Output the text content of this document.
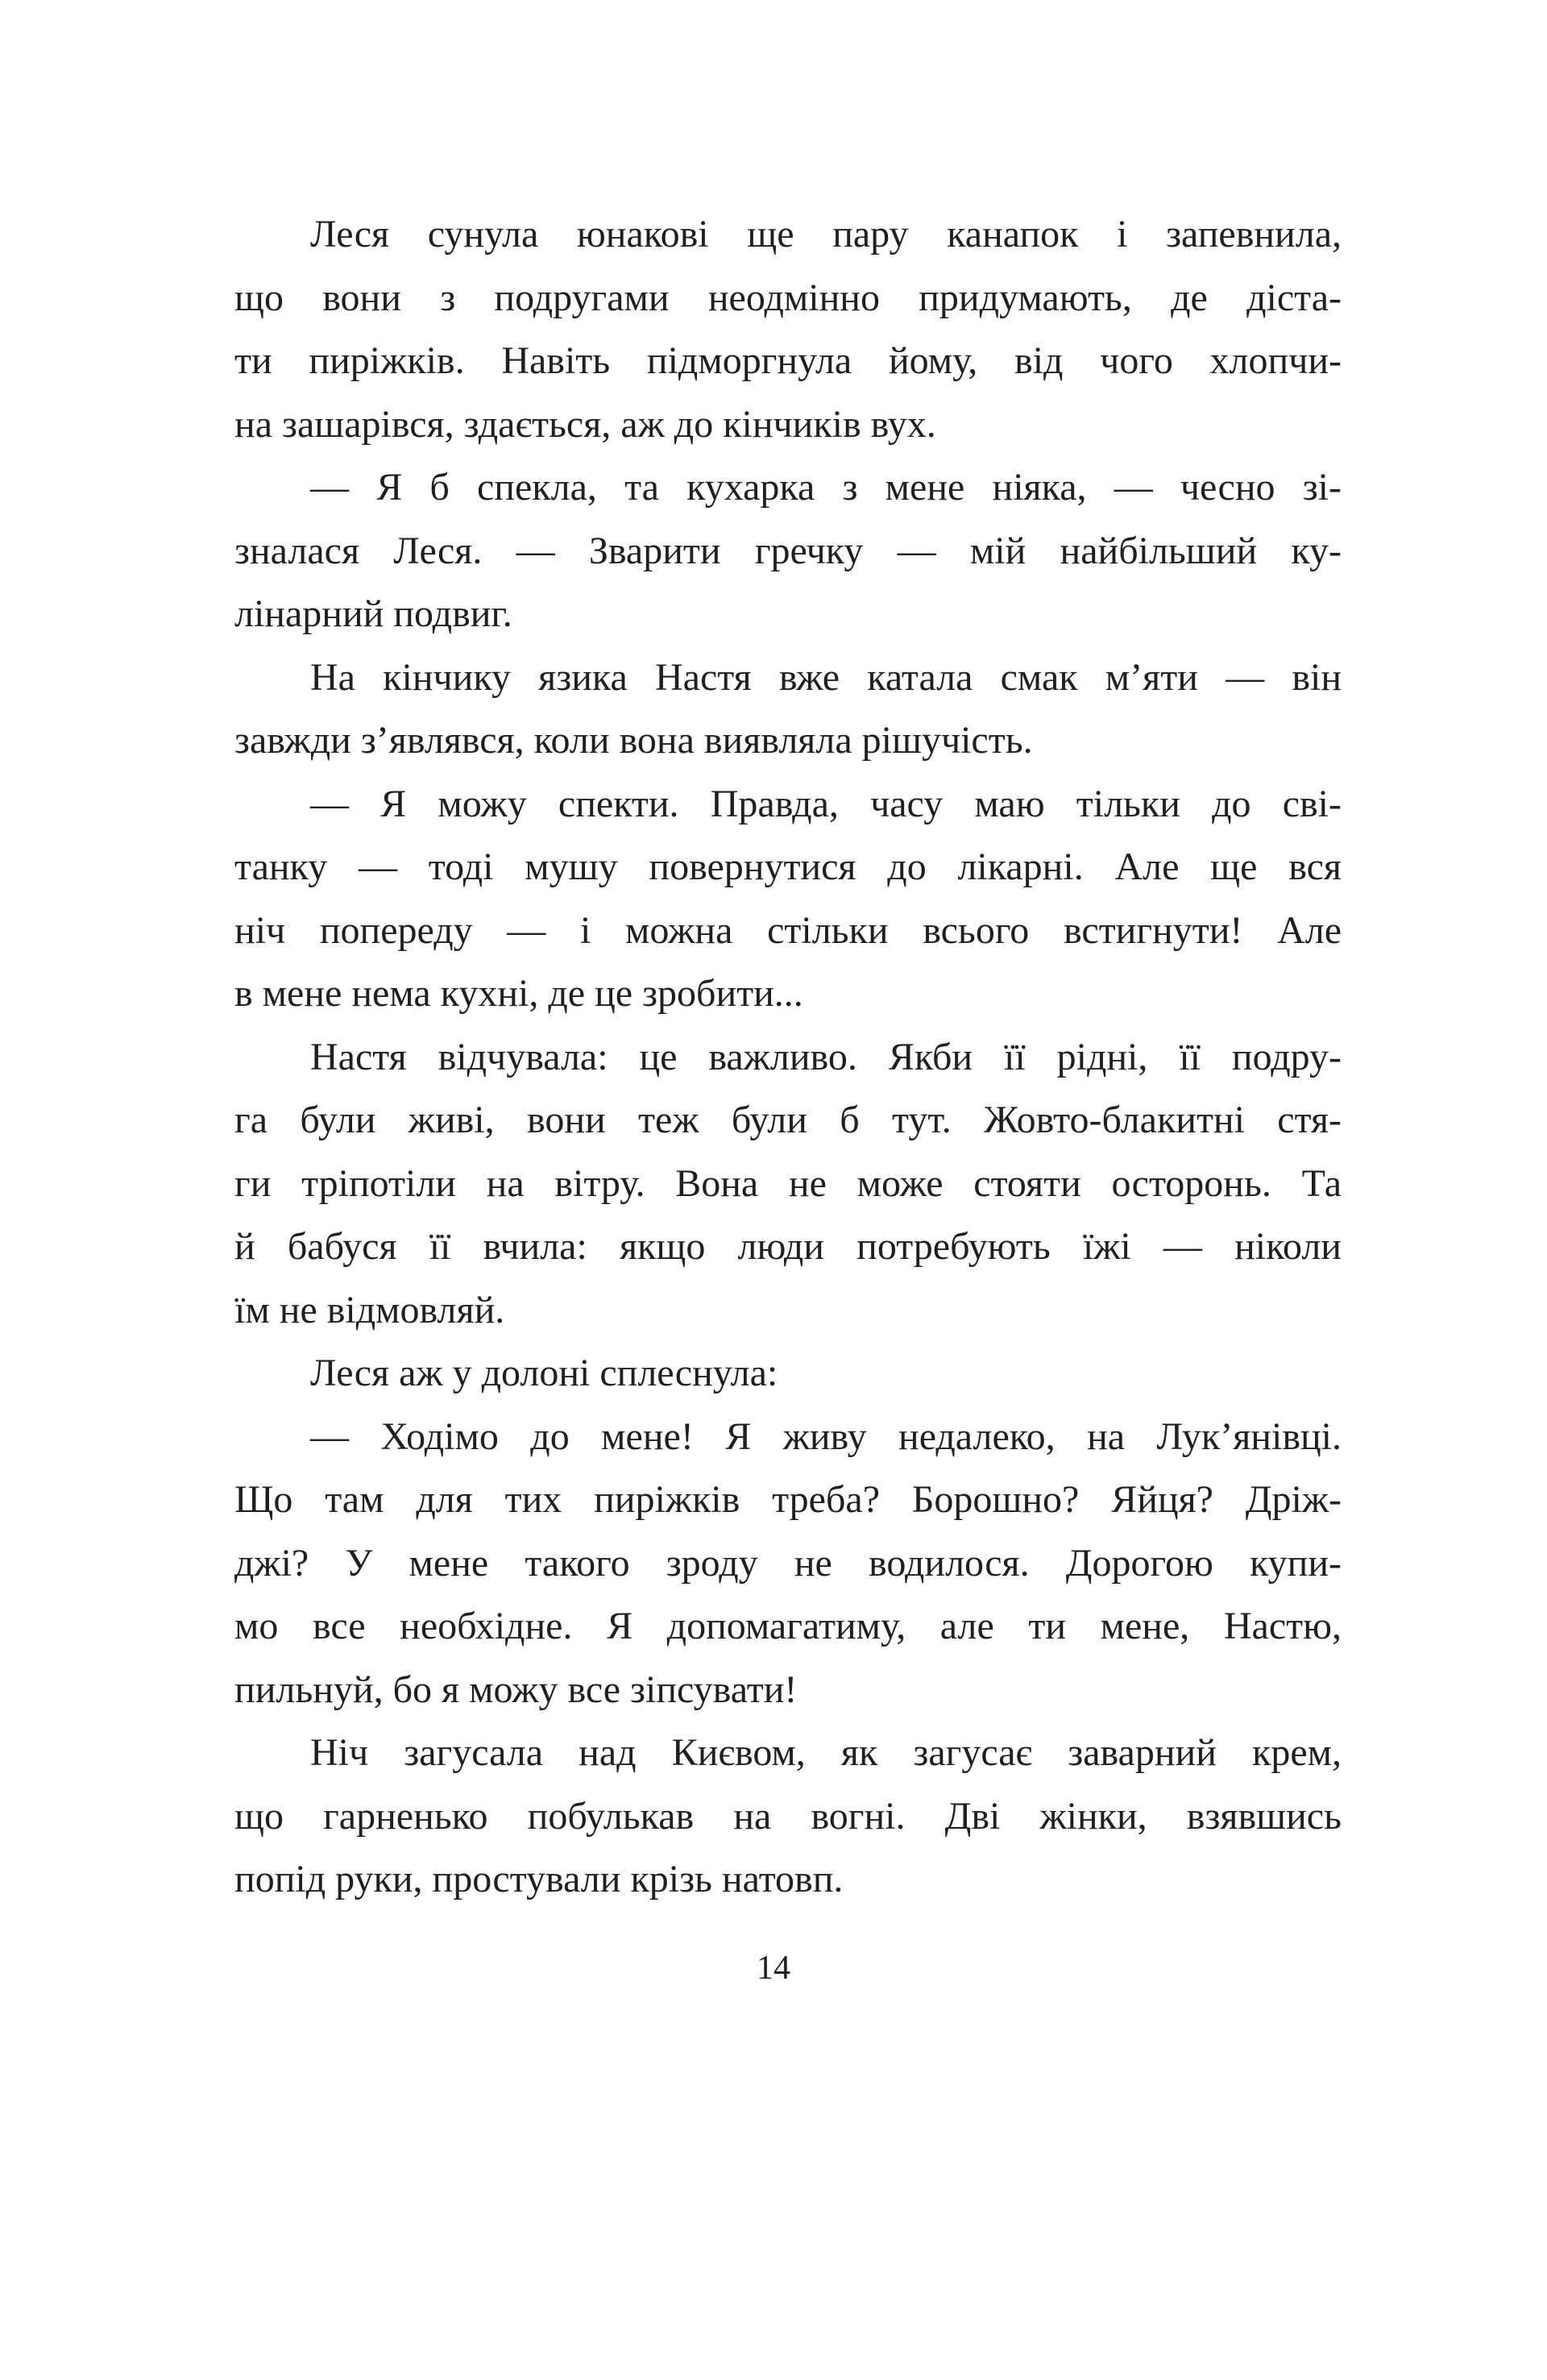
Леся сунула юнакові ще пару канапок і запевнила,
що вони з подругами неодмінно придумають, де діста-
ти пиріжків. Навіть підморгнула йому, від чого хлопчи-
на зашарівся, здається, аж до кінчиків вух.
— Я б спекла, та кухарка з мене ніяка, — чесно зі-
зналася Леся. — Зварити гречку — мій найбільший ку-
лінарний подвиг.
На кінчику язика Настя вже катала смак м’яти — він
завжди з’являвся, коли вона виявляла рішучість.
— Я можу спекти. Правда, часу маю тільки до сві-
танку — тоді мушу повернутися до лікарні. Але ще вся
ніч попереду — і можна стільки всього встигнути! Але
в мене нема кухні, де це зробити...
Настя відчувала: це важливо. Якби її рідні, її подру-
га були живі, вони теж були б тут. Жовто-блакитні стя-
ги тріпотіли на вітру. Вона не може стояти осторонь. Та
й бабуся її вчила: якщо люди потребують їжі — ніколи
їм не відмовляй.
Леся аж у долоні сплеснула:
— Ходімо до мене! Я живу недалеко, на Лук’янівці.
Що там для тих пиріжків треба? Борошно? Яйця? Дріж-
джі? У мене такого зроду не водилося. Дорогою купи-
мо все необхідне. Я допомагатиму, але ти мене, Настю,
пильнуй, бо я можу все зіпсувати!
Ніч загусала над Києвом, як загусає заварний крем,
що гарненько побулькав на вогні. Дві жінки, взявшись
попід руки, простували крізь натовп.
14
